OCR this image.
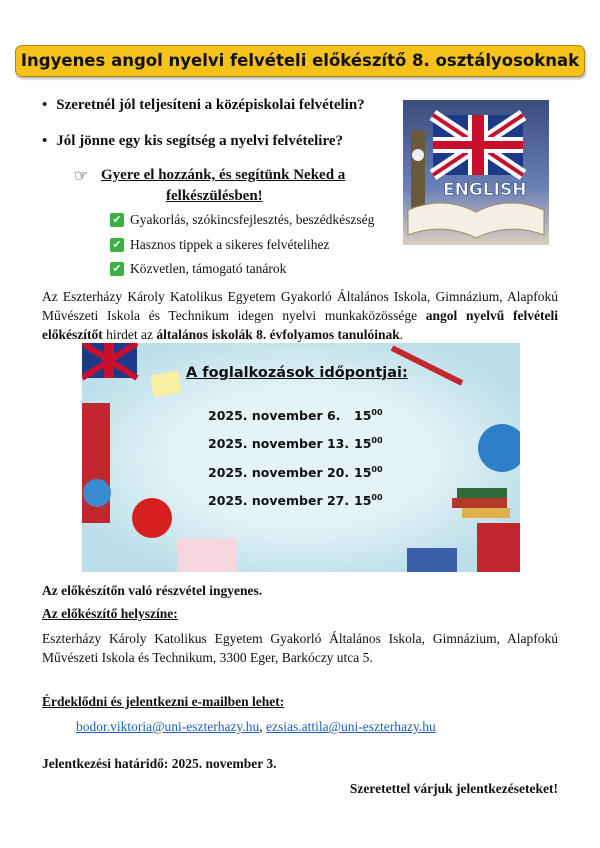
Ingyenes angol nyelvi felvételi előkészítő 8. osztályosoknak
• Szeretnél jól teljesíteni a középiskolai felvételin?
• Jól jönne egy kis segítség a nyelvi felvételire?
☞ Gyere el hozzánk, és segítünk Neked a
felkészülésben!
✔ Gyakorlás, szókincsfejlesztés, beszédkészség
✔ Hasznos tippek a sikeres felvételihez
✔ Közvetlen, támogató tanárok
ENGLISH

Az Eszterházy Károly Katolikus Egyetem Gyakorló Általános Iskola, Gimnázium, Alapfokú Művészeti Iskola és Technikum idegen nyelvi munkaközössége angol nyelvű felvételi előkészítőt hirdet az általános iskolák 8. évfolyamos tanulóinak.

A foglalkozások időpontjai:
2025. november 6. $15^{00}$
2025. november 13. $15^{00}$
2025. november 20. $15^{00}$
2025. november 27. $15^{00}$

Az előkészítőn való részvétel ingyenes.

Az előkészítő helyszíne:

Eszterházy Károly Katolikus Egyetem Gyakorló Általános Iskola, Gimnázium, Alapfokú Művészeti Iskola és Technikum, 3300 Eger, Barkóczy utca 5.

Érdeklődni és jelentkezni e-mailben lehet:

bodor.viktoria@uni-eszterhazy.hu, ezsias.attila@uni-eszterhazy.hu

Jelentkezési határidő: 2025. november 3.

Szeretettel várjuk jelentkezéseteket!
